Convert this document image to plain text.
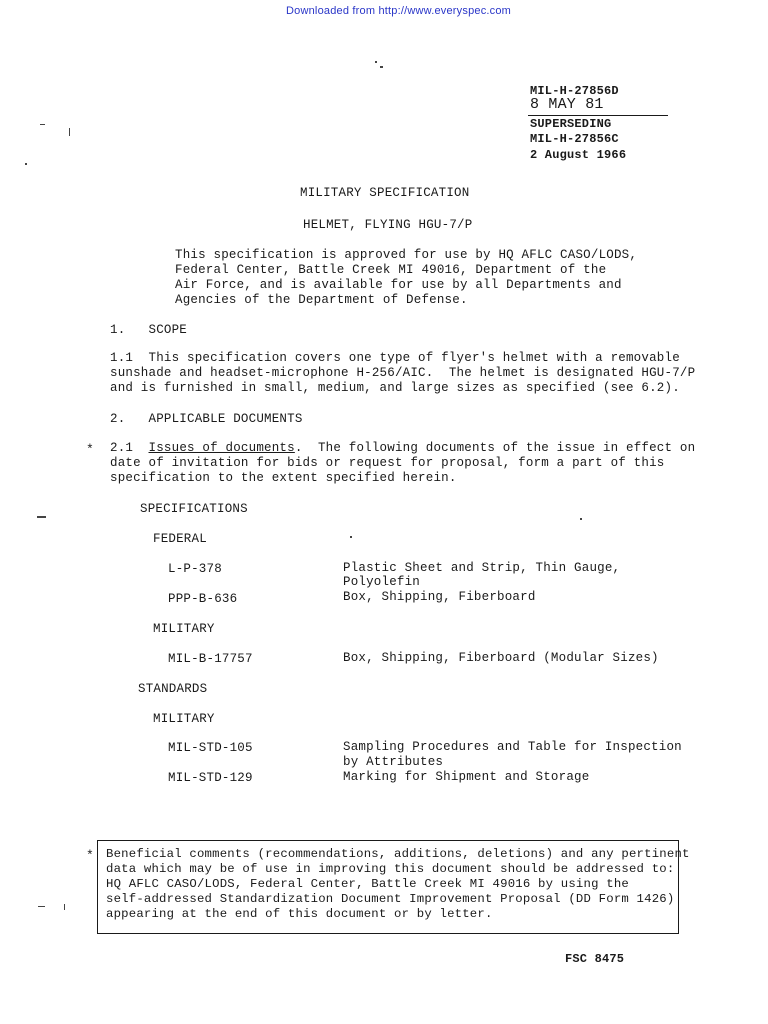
Downloaded from http://www.everyspec.com
MIL-H-27856D
8 MAY 81
SUPERSEDING
MIL-H-27856C
2 August 1966
MILITARY SPECIFICATION
HELMET, FLYING HGU-7/P
This specification is approved for use by HQ AFLC CASO/LODS,
Federal Center, Battle Creek MI 49016, Department of the
Air Force, and is available for use by all Departments and
Agencies of the Department of Defense.
1.   SCOPE
1.1  This specification covers one type of flyer's helmet with a removable
sunshade and headset-microphone H-256/AIC.  The helmet is designated HGU-7/P
and is furnished in small, medium, and large sizes as specified (see 6.2).
2.   APPLICABLE DOCUMENTS
* 2.1  Issues of documents.  The following documents of the issue in effect on
date of invitation for bids or request for proposal, form a part of this
specification to the extent specified herein.
SPECIFICATIONS
FEDERAL
L-P-378	Plastic Sheet and Strip, Thin Gauge,
Polyolefin
PPP-B-636	Box, Shipping, Fiberboard
MILITARY
MIL-B-17757	Box, Shipping, Fiberboard (Modular Sizes)
STANDARDS
MILITARY
MIL-STD-105	Sampling Procedures and Table for Inspection
by Attributes
MIL-STD-129	Marking for Shipment and Storage
* Beneficial comments (recommendations, additions, deletions) and any pertinent
data which may be of use in improving this document should be addressed to:
HQ AFLC CASO/LODS, Federal Center, Battle Creek MI 49016 by using the
self-addressed Standardization Document Improvement Proposal (DD Form 1426)
appearing at the end of this document or by letter.
FSC 8475
